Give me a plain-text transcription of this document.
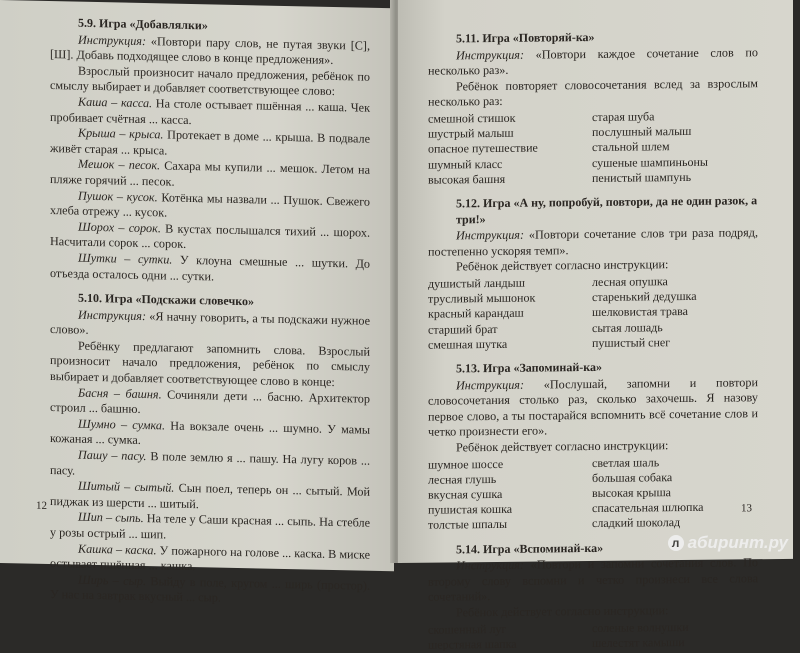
5.9. Игра «Добавлялки»

Инструкция: «Повтори пару слов, не путая звуки [С], [Ш]. Добавь подходящее слово в конце предложения».

Взрослый произносит начало предложения, ребёнок по смыслу выбирает и добавляет соответствующее слово:

Каша – касса. На столе остывает пшённая ... каша. Чек пробивает счётная ... касса.

Крыша – крыса. Протекает в доме ... крыша. В подвале живёт старая ... крыса.

Мешок – песок. Сахара мы купили ... мешок. Летом на пляже горячий ... песок.

Пушок – кусок. Котёнка мы назвали ... Пушок. Свежего хлеба отрежу ... кусок.

Шорох – сорок. В кустах послышался тихий ... шорох. Насчитали сорок ... сорок.

Шутки – сутки. У клоуна смешные ... шутки. До отъезда осталось одни ... сутки.

5.10. Игра «Подскажи словечко»

Инструкция: «Я начну говорить, а ты подскажи нужное слово».

Ребёнку предлагают запомнить слова. Взрослый произносит начало предложения, ребёнок по смыслу выбирает и добавляет соответствующее слово в конце:

Басня – башня. Сочиняли дети ... басню. Архитектор строил ... башню.

Шумно – сумка. На вокзале очень ... шумно. У мамы кожаная ... сумка.

Пашу – пасу. В поле землю я ... пашу. На лугу коров ... пасу.

Шитый – сытый. Сын поел, теперь он ... сытый. Мой пиджак из шерсти ... шитый.

Шип – сыпь. На теле у Саши красная ... сыпь. На стебле у розы острый ... шип.

Кашка – каска. У пожарного на голове ... каска. В миске остывает пшённая ... кашка.

Ширь – сыр. Выйду в поле, кругом ... ширь (простор). У нас на завтрак вкусный ... сыр.

12
5.11. Игра «Повторяй-ка»

Инструкция: «Повтори каждое сочетание слов по несколько раз».

Ребёнок повторяет словосочетания вслед за взрослым несколько раз:

смешной стишок	старая шуба
шустрый малыш	послушный малыш
опасное путешествие	стальной шлем
шумный класс	сушеные шампиньоны
высокая башня	пенистый шампунь
5.12. Игра «А ну, попробуй, повтори, да не один разок, а три!»

Инструкция: «Повтори сочетание слов три раза подряд, постепенно ускоряя темп».

Ребёнок действует согласно инструкции:

душистый ландыш	лесная опушка
трусливый мышонок	старенький дедушка
красный карандаш	шелковистая трава
старший брат	сытая лошадь
смешная шутка	пушистый снег
5.13. Игра «Запоминай-ка»

Инструкция: «Послушай, запомни и повтори словосочетания столько раз, сколько захочешь. Я назову первое слово, а ты постарайся вспомнить всё сочетание слов и четко произнести его».

Ребёнок действует согласно инструкции:

шумное шоссе	светлая шаль
лесная глушь	большая собака
вкусная сушка	высокая крыша
пушистая кошка	спасательная шлюпка
толстые шпалы	сладкий шоколад
5.14. Игра «Вспоминай-ка»

Инструкция: «Повтори и запомни сочетания слов. По второму слову вспомни и четко произнеси все слова сочетаний».

Ребёнок действует согласно инструкции:

скошенный луг	соленые волнушки
шерстяная шапка	шелестят камыши
13
л абиринт.ру
